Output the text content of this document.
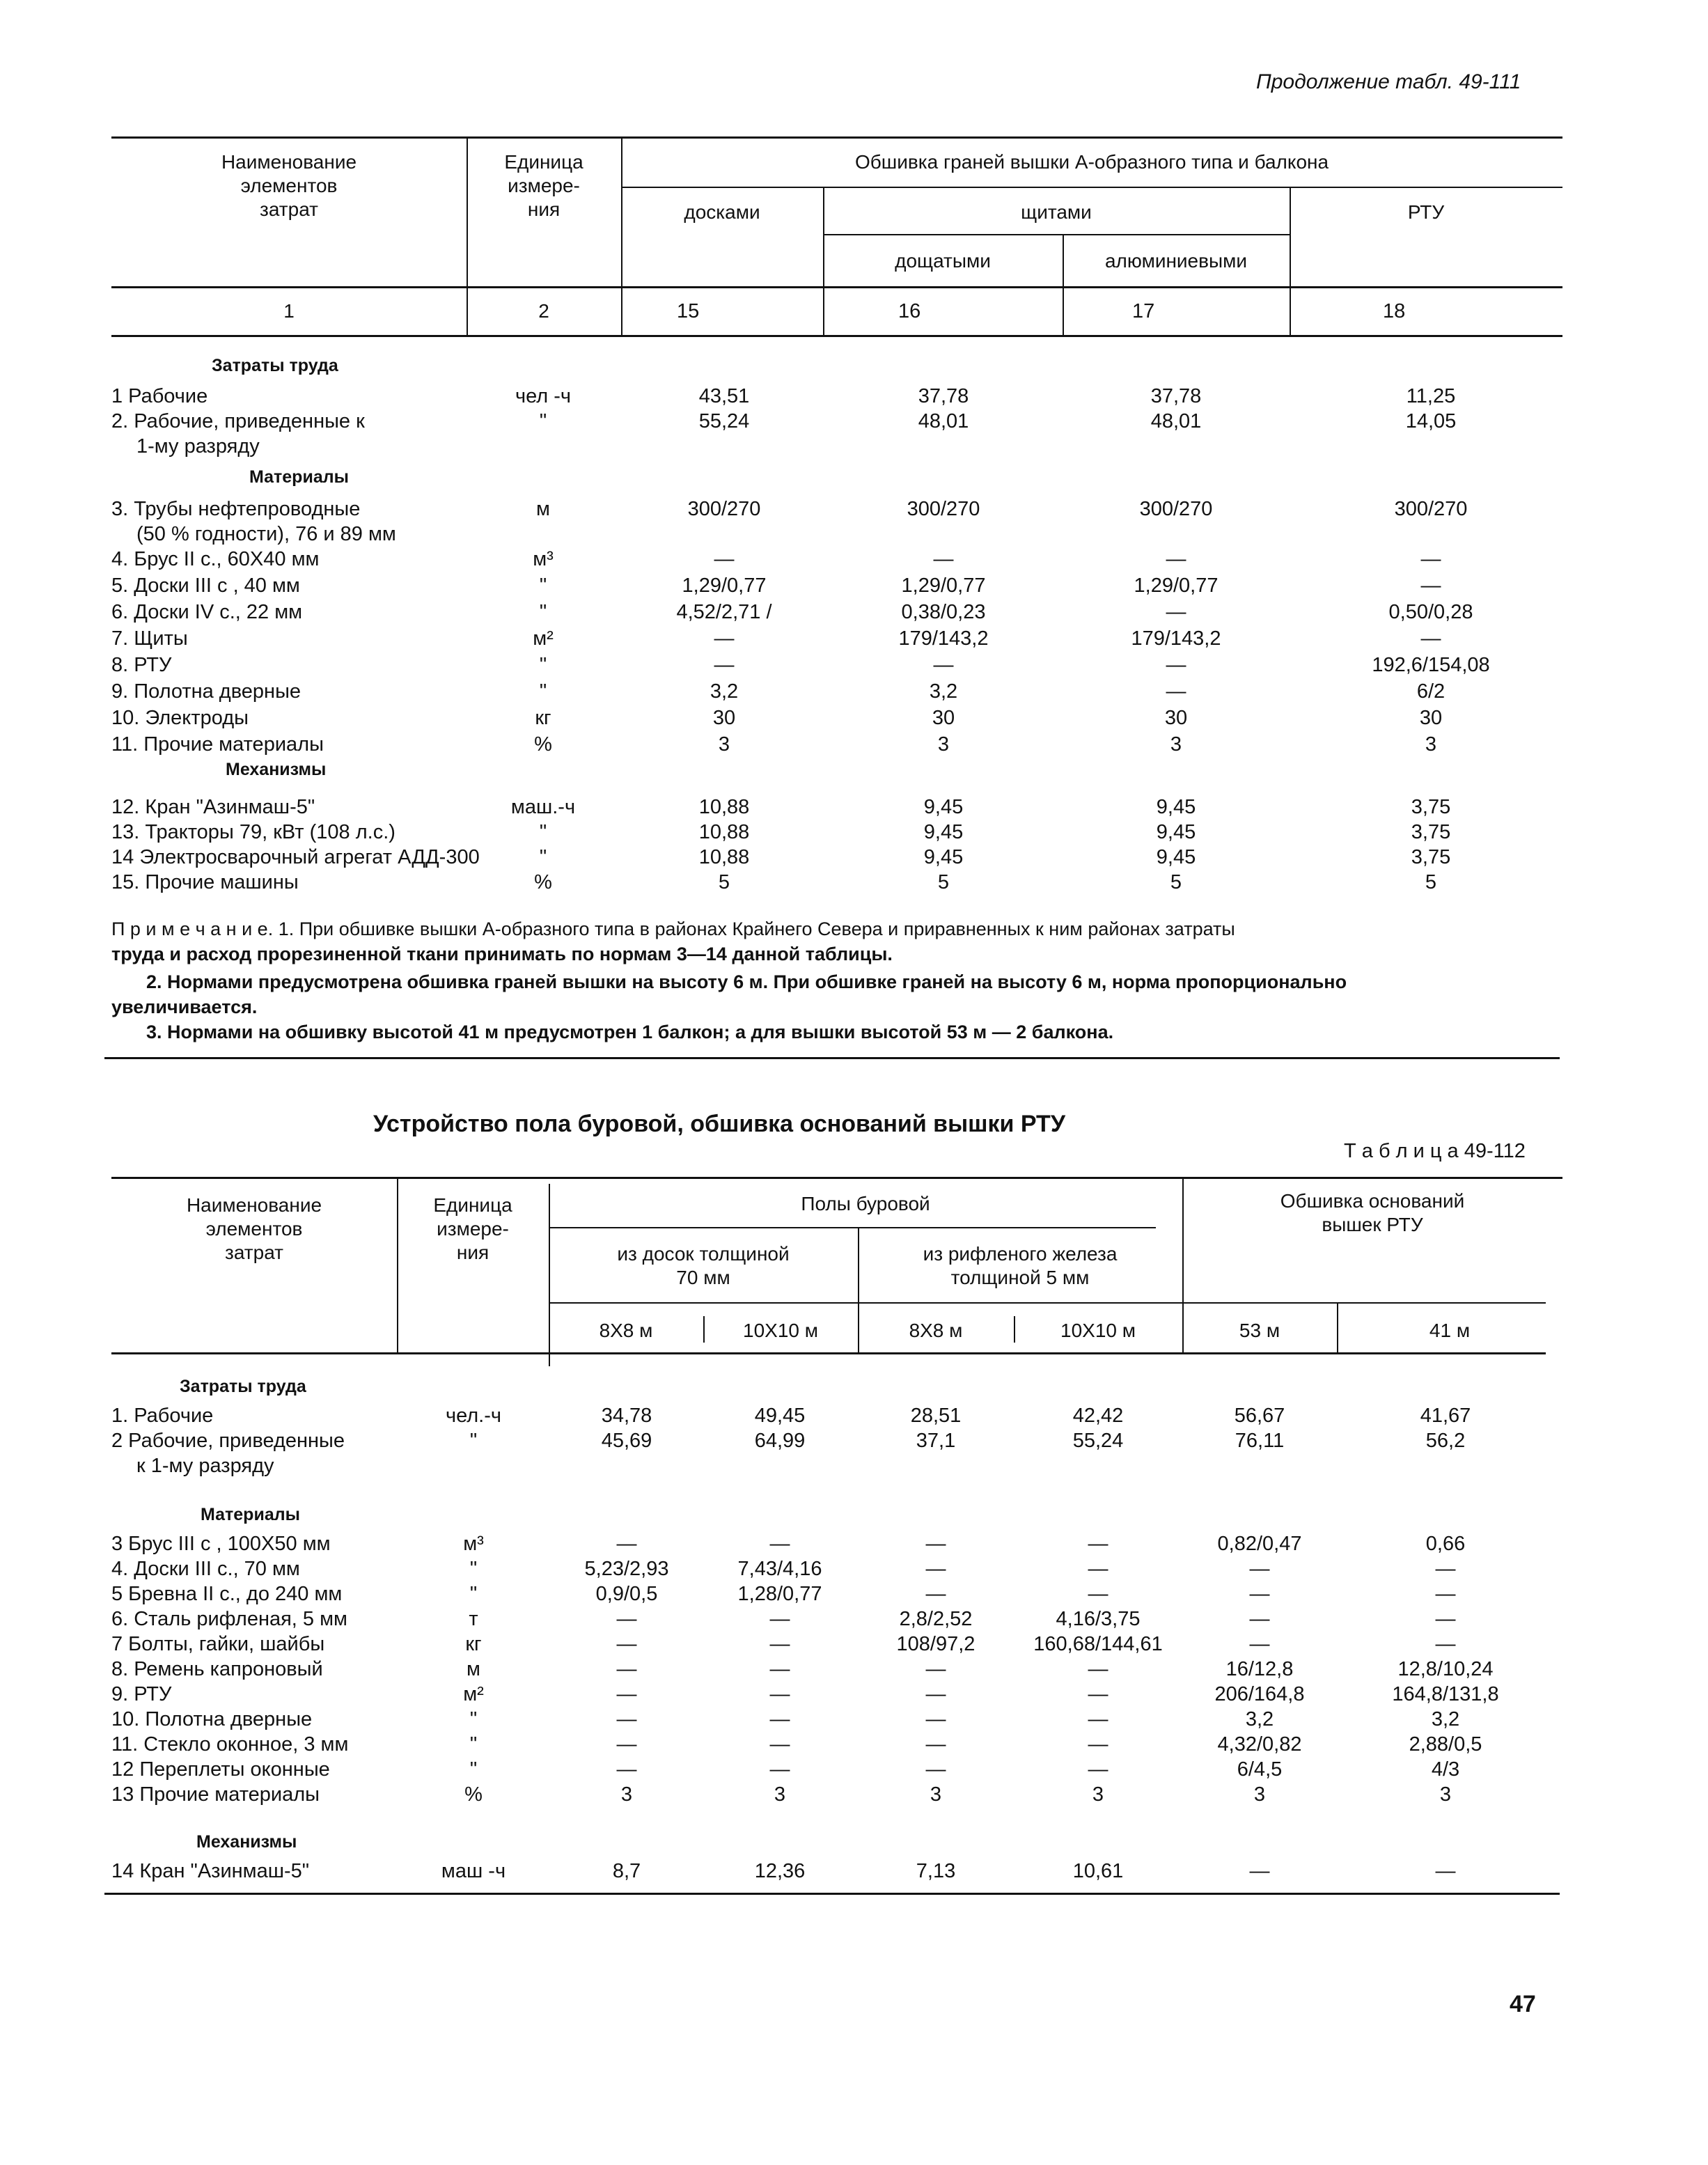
Продолжение табл. 49-111
Наименование
элементов
затрат
Единица
измере-
ния
Обшивка граней вышки А-образного типа и балкона
досками	щитами	РТУ
дощатыми	алюминиевыми
1	2	15	16	17	18
Затраты труда
Материалы
Механизмы
1 Рабочие	чел -ч	43,51	37,78	37,78	11,25
2. Рабочие, приведенные к	"	55,24	48,01	48,01	14,05
1-му разряду
3. Трубы нефтепроводные	м	300/270	300/270	300/270	300/270
(50 % годности), 76 и 89 мм
4. Брус II с., 60X40 мм	м³	—	—	—	—
5. Доски III с , 40 мм	"	1,29/0,77	1,29/0,77	1,29/0,77	—
6. Доски IV с., 22 мм	"	4,52/2,71 /	0,38/0,23	—	0,50/0,28
7. Щиты	м²	—	179/143,2	179/143,2	—
8. РТУ	"	—	—	—	192,6/154,08
9. Полотна дверные	"	3,2	3,2	—	6/2
10. Электроды	кг	30	30	30	30
11. Прочие материалы	%	3	3	3	3
12. Кран "Азинмаш-5"	маш.-ч	10,88	9,45	9,45	3,75
13. Тракторы 79, кВт (108 л.с.)	"	10,88	9,45	9,45	3,75
14 Электросварочный агрегат АДД-300	"	10,88	9,45	9,45	3,75
15. Прочие машины	%	5	5	5	5
П р и м е ч а н и е. 1. При обшивке вышки А-образного типа в районах Крайнего Севера и приравненных к ним районах затраты
труда и расход прорезиненной ткани принимать по нормам 3—14 данной таблицы.
2. Нормами предусмотрена обшивка граней вышки на высоту 6 м. При обшивке граней на высоту 6 м, норма пропорционально
увеличивается.
3. Нормами на обшивку высотой 41 м предусмотрен 1 балкон; а для вышки высотой 53 м — 2 балкона.
Устройство пола буровой, обшивка оснований вышки РТУ
Т а б л и ц а 49-112
Наименование
элементов
затрат
Единица
измере-
ния
Полы буровой
из досок толщиной
70 мм
из рифленого железа
толщиной 5 мм
Обшивка оснований
вышек РТУ
8X8 м	10X10 м	8X8 м	10X10 м	53 м	41 м
Затраты труда
Материалы
Механизмы
1. Рабочие	чел.-ч	34,78	49,45	28,51	42,42	56,67	41,67
2 Рабочие, приведенные	"	45,69	64,99	37,1	55,24	76,11	56,2
к 1-му разряду
3 Брус III с , 100X50 мм	м³	—	—	—	—	0,82/0,47	0,66
4. Доски III с., 70 мм	"	5,23/2,93	7,43/4,16	—	—	—	—
5 Бревна II с., до 240 мм	"	0,9/0,5	1,28/0,77	—	—	—	—
6. Сталь рифленая, 5 мм	т	—	—	2,8/2,52	4,16/3,75	—	—
7 Болты, гайки, шайбы	кг	—	—	108/97,2	160,68/144,61	—	—
8. Ремень капроновый	м	—	—	—	—	16/12,8	12,8/10,24
9. РТУ	м²	—	—	—	—	206/164,8	164,8/131,8
10. Полотна дверные	"	—	—	—	—	3,2	3,2
11. Стекло оконное, 3 мм	"	—	—	—	—	4,32/0,82	2,88/0,5
12 Переплеты оконные	"	—	—	—	—	6/4,5	4/3
13 Прочие материалы	%	3	3	3	3	3	3
14 Кран "Азинмаш-5"	маш -ч	8,7	12,36	7,13	10,61	—	—
47
